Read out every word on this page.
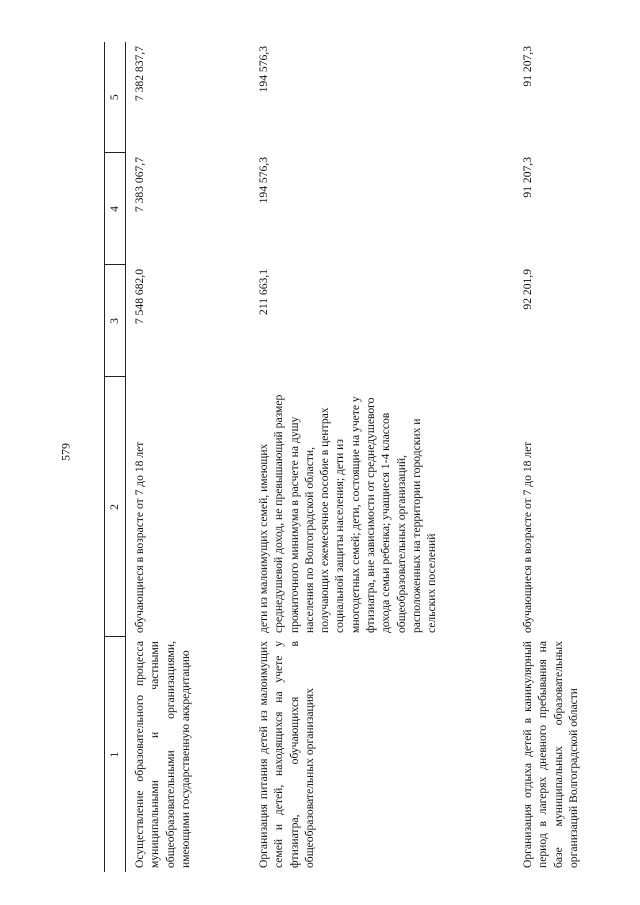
579
1	2	3	4	5
Осуществление образовательного процесса муниципальными и частными общеобразовательными организациями, имеющими государственную аккредитацию	обучающиеся в возрасте от 7 до 18 лет	7 548 682,0	7 383 067,7	7 382 837,7
Организация питания детей из малоимущих семей и детей, находящихся на учете у фтизиатра, обучающихся в общеобразовательных организациях	дети из малоимущих семей, имеющих среднедушевой доход, не превышающий размер прожиточного минимума в расчете на душу населения по Волгоградской области, получающих ежемесячное пособие в центрах социальной защиты населения; дети из многодетных семей; дети, состоящие на учете у фтизиатра, вне зависимости от среднедушевого дохода семьи ребенка; учащиеся 1-4 классов общеобразовательных организаций, расположенных на территории городских и сельских поселений	211 663,1	194 576,3	194 576,3
Организация отдыха детей в каникулярный период в лагерях дневного пребывания на базе муниципальных образовательных организаций Волгоградской области	обучающиеся в возрасте от 7 до 18 лет	92 201,9	91 207,3	91 207,3
